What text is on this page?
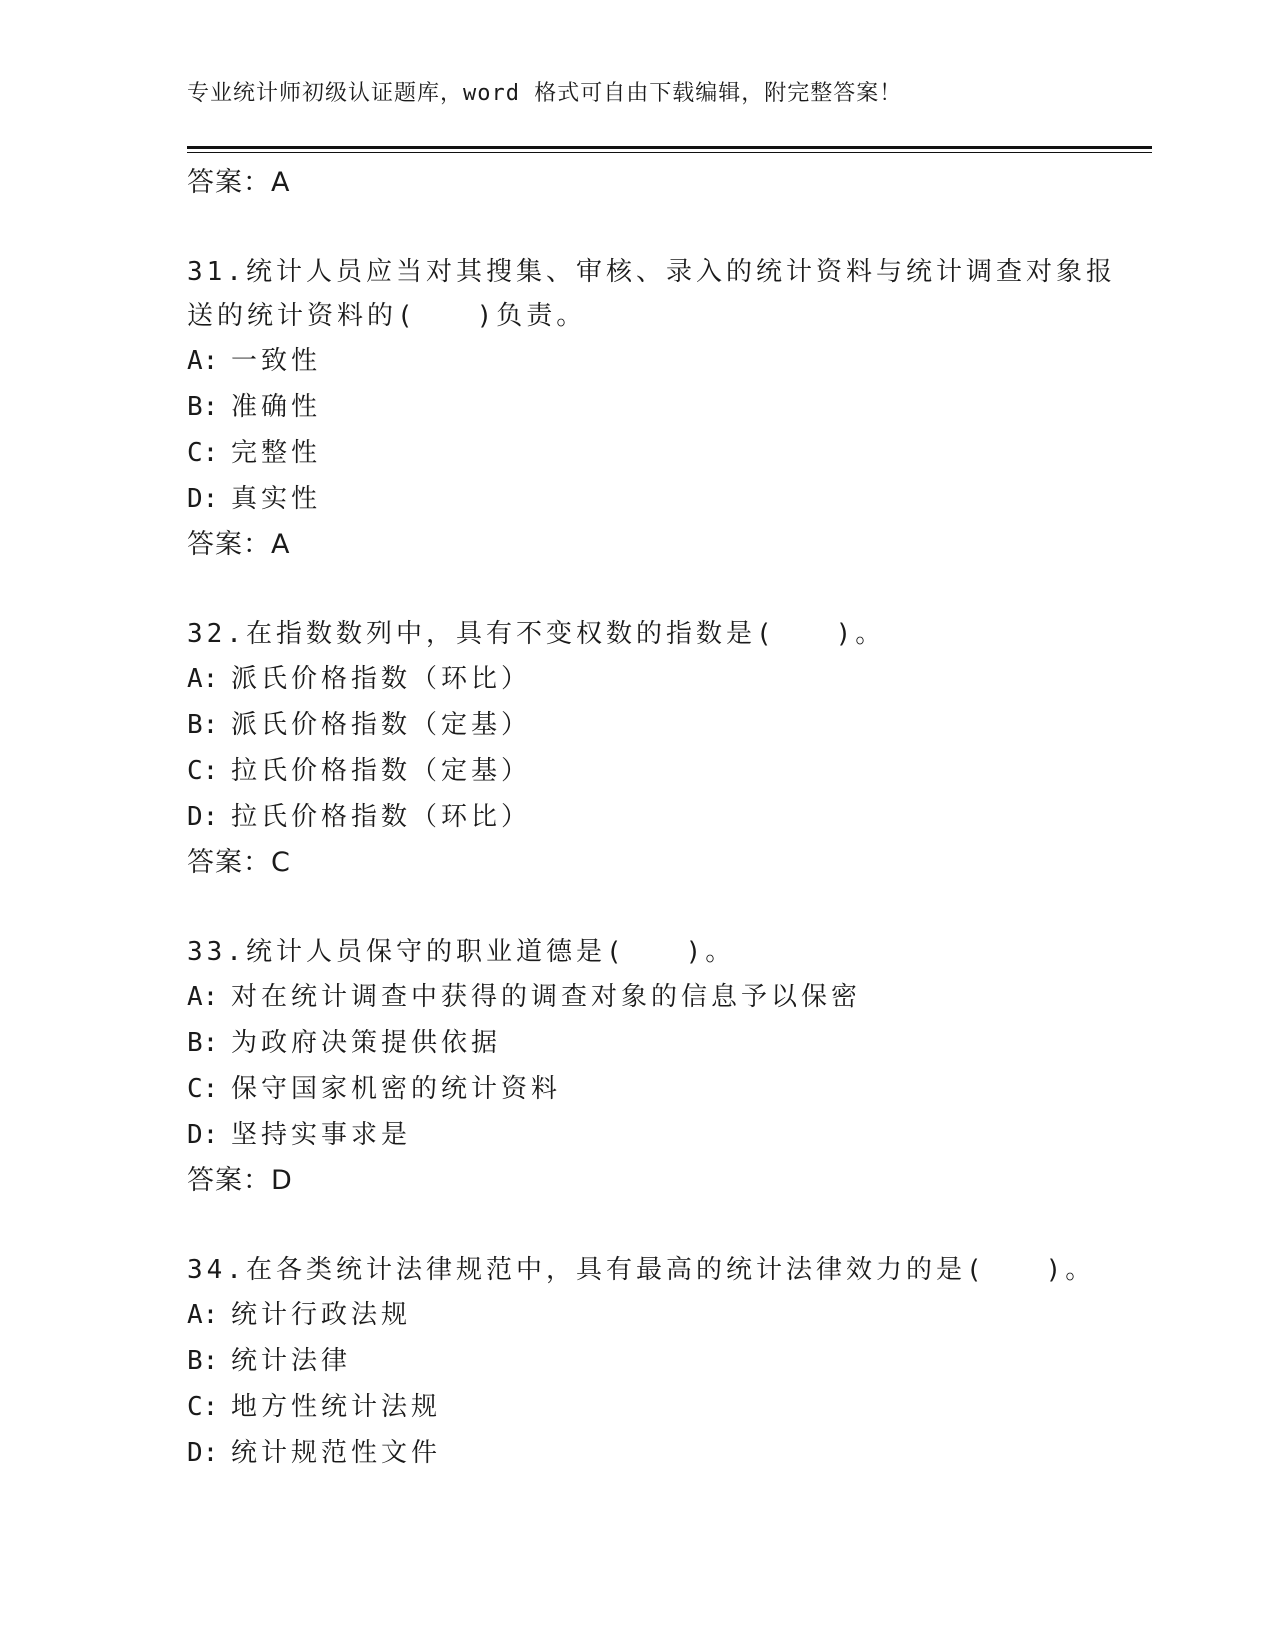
专业统计师初级认证题库，word 格式可自由下载编辑，附完整答案！
答案：A
31.统计人员应当对其搜集、审核、录入的统计资料与统计调查对象报
送的统计资料的(　　)负责。
A: 一致性
B: 准确性
C: 完整性
D: 真实性
答案：A
32.在指数数列中，具有不变权数的指数是(　　)。
A: 派氏价格指数（环比）
B: 派氏价格指数（定基）
C: 拉氏价格指数（定基）
D: 拉氏价格指数（环比）
答案：C
33.统计人员保守的职业道德是(　　)。
A: 对在统计调查中获得的调查对象的信息予以保密
B: 为政府决策提供依据
C: 保守国家机密的统计资料
D: 坚持实事求是
答案：D
34.在各类统计法律规范中，具有最高的统计法律效力的是(　　)。
A: 统计行政法规
B: 统计法律
C: 地方性统计法规
D: 统计规范性文件
